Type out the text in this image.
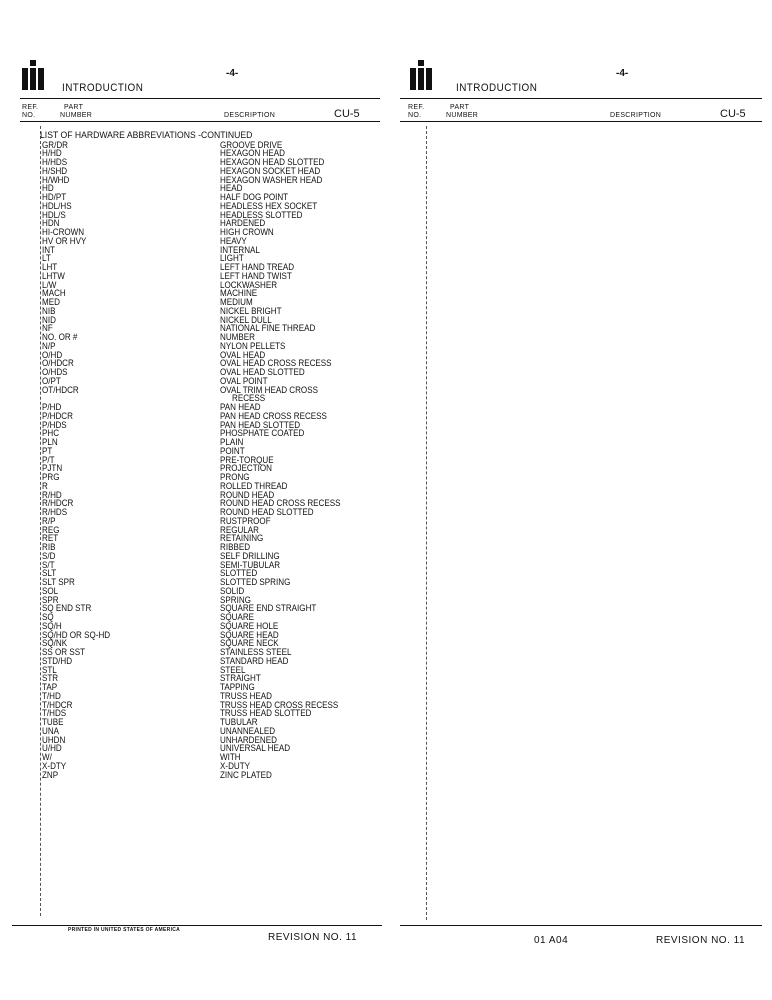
INTRODUCTION
-4-
REF.
NO.
PART
NUMBER	DESCRIPTION	CU-5
LIST OF HARDWARE ABBREVIATIONS -CONTINUED
GR/DR	GROOVE DRIVE
H/HD	HEXAGON HEAD
H/HDS	HEXAGON HEAD SLOTTED
H/SHD	HEXAGON SOCKET HEAD
H/WHD	HEXAGON WASHER HEAD
HD	HEAD
HD/PT	HALF DOG POINT
HDL/HS	HEADLESS HEX SOCKET
HDL/S	HEADLESS SLOTTED
HDN	HARDENED
HI-CROWN	HIGH CROWN
HV OR HVY	HEAVY
INT	INTERNAL
LT	LIGHT
LHT	LEFT HAND TREAD
LHTW	LEFT HAND TWIST
L/W	LOCKWASHER
MACH	MACHINE
MED	MEDIUM
NIB	NICKEL BRIGHT
NID	NICKEL DULL
NF	NATIONAL FINE THREAD
NO. OR #	NUMBER
N/P	NYLON PELLETS
O/HD	OVAL HEAD
O/HDCR	OVAL HEAD CROSS RECESS
O/HDS	OVAL HEAD SLOTTED
O/PT	OVAL POINT
OT/HDCR	OVAL TRIM HEAD CROSS
RECESS
P/HD	PAN HEAD
P/HDCR	PAN HEAD CROSS RECESS
P/HDS	PAN HEAD SLOTTED
PHC	PHOSPHATE COATED
PLN	PLAIN
PT	POINT
P/T	PRE-TORQUE
PJTN	PROJECTION
PRG	PRONG
R	ROLLED THREAD
R/HD	ROUND HEAD
R/HDCR	ROUND HEAD CROSS RECESS
R/HDS	ROUND HEAD SLOTTED
R/P	RUSTPROOF
REG	REGULAR
RET	RETAINING
RIB	RIBBED
S/D	SELF DRILLING
S/T	SEMI-TUBULAR
SLT	SLOTTED
SLT SPR	SLOTTED SPRING
SOL	SOLID
SPR	SPRING
SQ END STR	SQUARE END STRAIGHT
SQ	SQUARE
SQ/H	SQUARE HOLE
SQ/HD OR SQ-HD	SQUARE HEAD
SQ/NK	SQUARE NECK
SS OR SST	STAINLESS STEEL
STD/HD	STANDARD HEAD
STL	STEEL
STR	STRAIGHT
TAP	TAPPING
T/HD	TRUSS HEAD
T/HDCR	TRUSS HEAD CROSS RECESS
T/HDS	TRUSS HEAD SLOTTED
TUBE	TUBULAR
UNA	UNANNEALED
UHDN	UNHARDENED
U/HD	UNIVERSAL HEAD
W/	WITH
X-DTY	X-DUTY
ZNP	ZINC PLATED
PRINTED IN UNITED STATES OF AMERICA
REVISION NO. 11
INTRODUCTION
-4-
REF.
NO.
PART
NUMBER	DESCRIPTION	CU-5
01 A04	REVISION NO. 11
